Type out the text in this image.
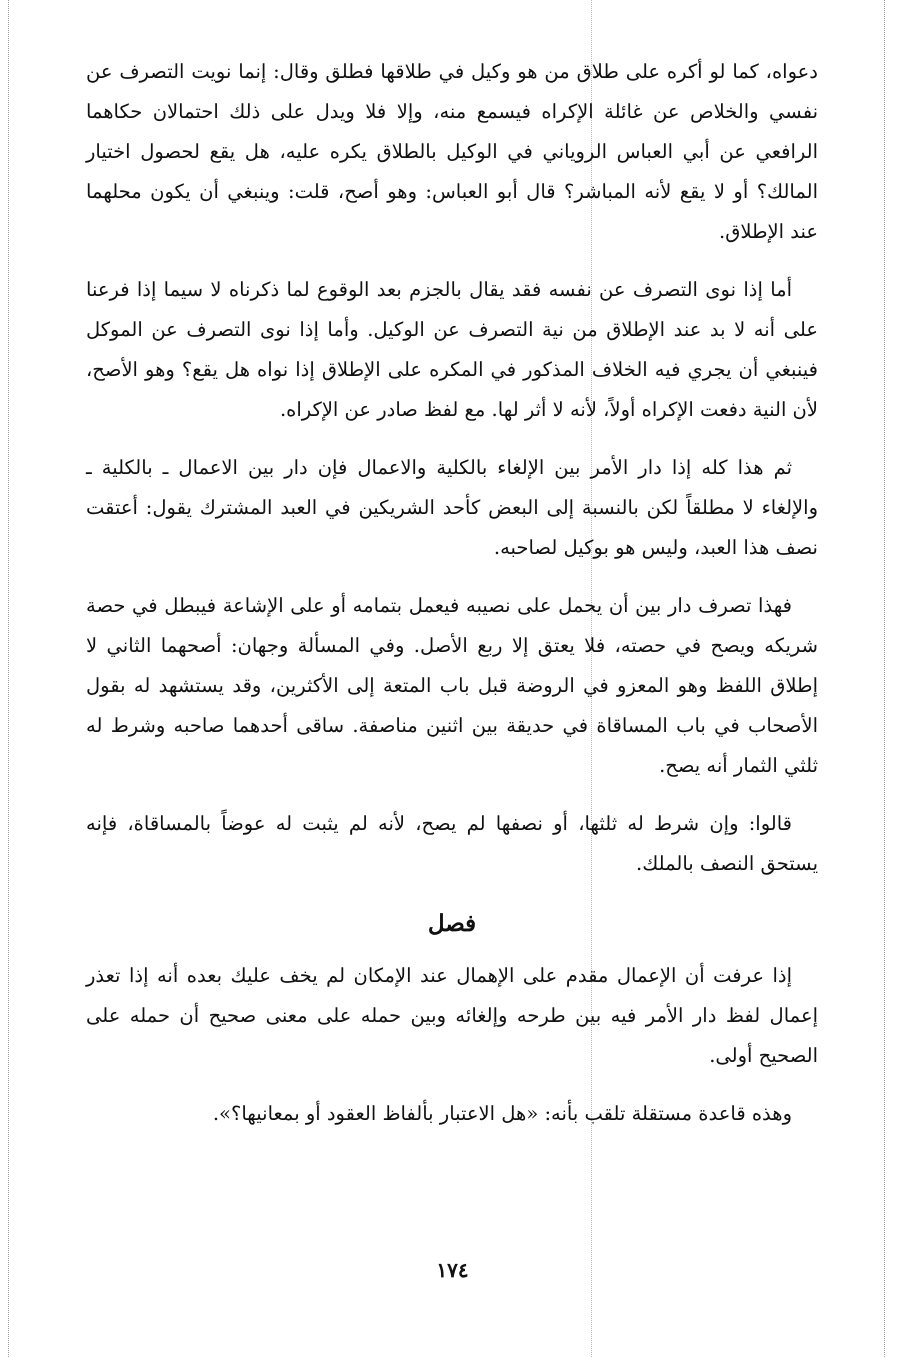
دعواه، كما لو أكره على طلاق من هو وكيل في طلاقها فطلق وقال: إنما نويت التصرف عن نفسي والخلاص عن غائلة الإكراه فيسمع منه، وإلا فلا ويدل على ذلك احتمالان حكاهما الرافعي عن أبي العباس الروياني في الوكيل بالطلاق يكره عليه، هل يقع لحصول اختيار المالك؟ أو لا يقع لأنه المباشر؟ قال أبو العباس: وهو أصح، قلت: وينبغي أن يكون محلهما عند الإطلاق.

أما إذا نوى التصرف عن نفسه فقد يقال بالجزم بعد الوقوع لما ذكرناه لا سيما إذا فرعنا على أنه لا بد عند الإطلاق من نية التصرف عن الوكيل. وأما إذا نوى التصرف عن الموكل فينبغي أن يجري فيه الخلاف المذكور في المكره على الإطلاق إذا نواه هل يقع؟ وهو الأصح، لأن النية دفعت الإكراه أولاً، لأنه لا أثر لها. مع لفظ صادر عن الإكراه.

ثم هذا كله إذا دار الأمر بين الإلغاء بالكلية والاعمال فإن دار بين الاعمال ـ بالكلية ـ والإلغاء لا مطلقاً لكن بالنسبة إلى البعض كأحد الشريكين في العبد المشترك يقول: أعتقت نصف هذا العبد، وليس هو بوكيل لصاحبه.

فهذا تصرف دار بين أن يحمل على نصيبه فيعمل بتمامه أو على الإشاعة فيبطل في حصة شريكه ويصح في حصته، فلا يعتق إلا ربع الأصل. وفي المسألة وجهان: أصحهما الثاني لا إطلاق اللفظ وهو المعزو في الروضة قبل باب المتعة إلى الأكثرين، وقد يستشهد له بقول الأصحاب في باب المساقاة في حديقة بين اثنين مناصفة. ساقى أحدهما صاحبه وشرط له ثلثي الثمار أنه يصح.

قالوا: وإن شرط له ثلثها، أو نصفها لم يصح، لأنه لم يثبت له عوضاً بالمساقاة، فإنه يستحق النصف بالملك.

فصل

إذا عرفت أن الإعمال مقدم على الإهمال عند الإمكان لم يخف عليك بعده أنه إذا تعذر إعمال لفظ دار الأمر فيه بين طرحه وإلغائه وبين حمله على معنى صحيح أن حمله على الصحيح أولى.

وهذه قاعدة مستقلة تلقب بأنه: «هل الاعتبار بألفاظ العقود أو بمعانيها؟».

١٧٤
